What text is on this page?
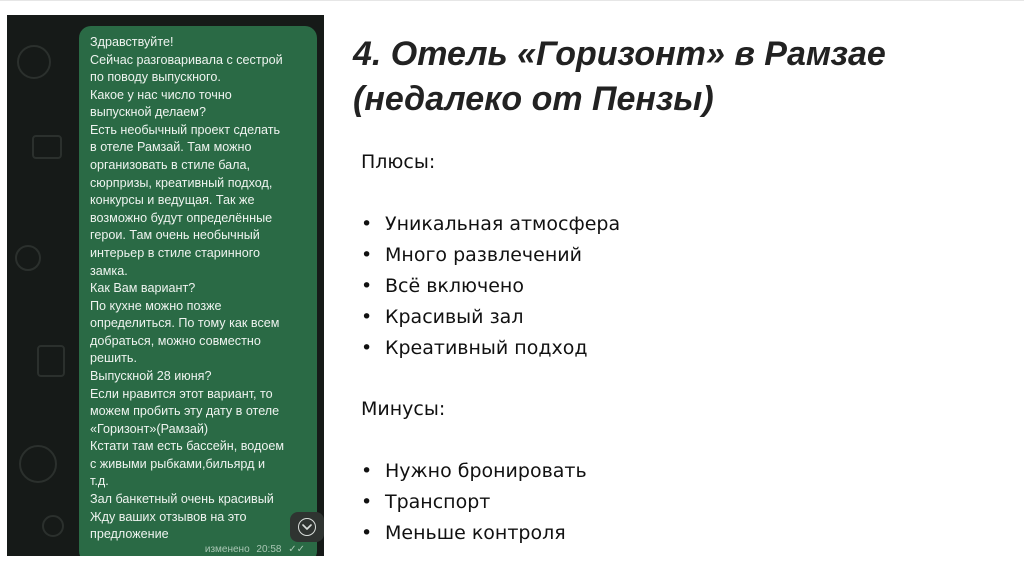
Здравствуйте!
Сейчас разговаривала с сестрой
по поводу выпускного.
Какое у нас число точно
выпускной делаем?
Есть необычный проект сделать
в отеле Рамзай. Там можно
организовать в стиле бала,
сюрпризы, креативный подход,
конкурсы и ведущая. Так же
возможно будут определённые
герои. Там очень необычный
интерьер в стиле старинного
замка.
Как Вам вариант?
По кухне можно позже
определиться. По тому как всем
добраться, можно совместно
решить.
Выпускной 28 июня?
Если нравится этот вариант, то
можем пробить эту дату в отеле
«Горизонт»(Рамзай)
Кстати там есть бассейн, водоем
с живыми рыбками,бильярд и
т.д.
Зал банкетный очень красивый
Жду ваших отзывов на это
предложение
изменено 20:58 ✓✓
4. Отель «Горизонт» в Рамзае
(недалеко от Пензы)
Плюсы:
• Уникальная атмосфера
• Много развлечений
• Всё включено
• Красивый зал
• Креативный подход
Минусы:
• Нужно бронировать
• Транспорт
• Меньше контроля
